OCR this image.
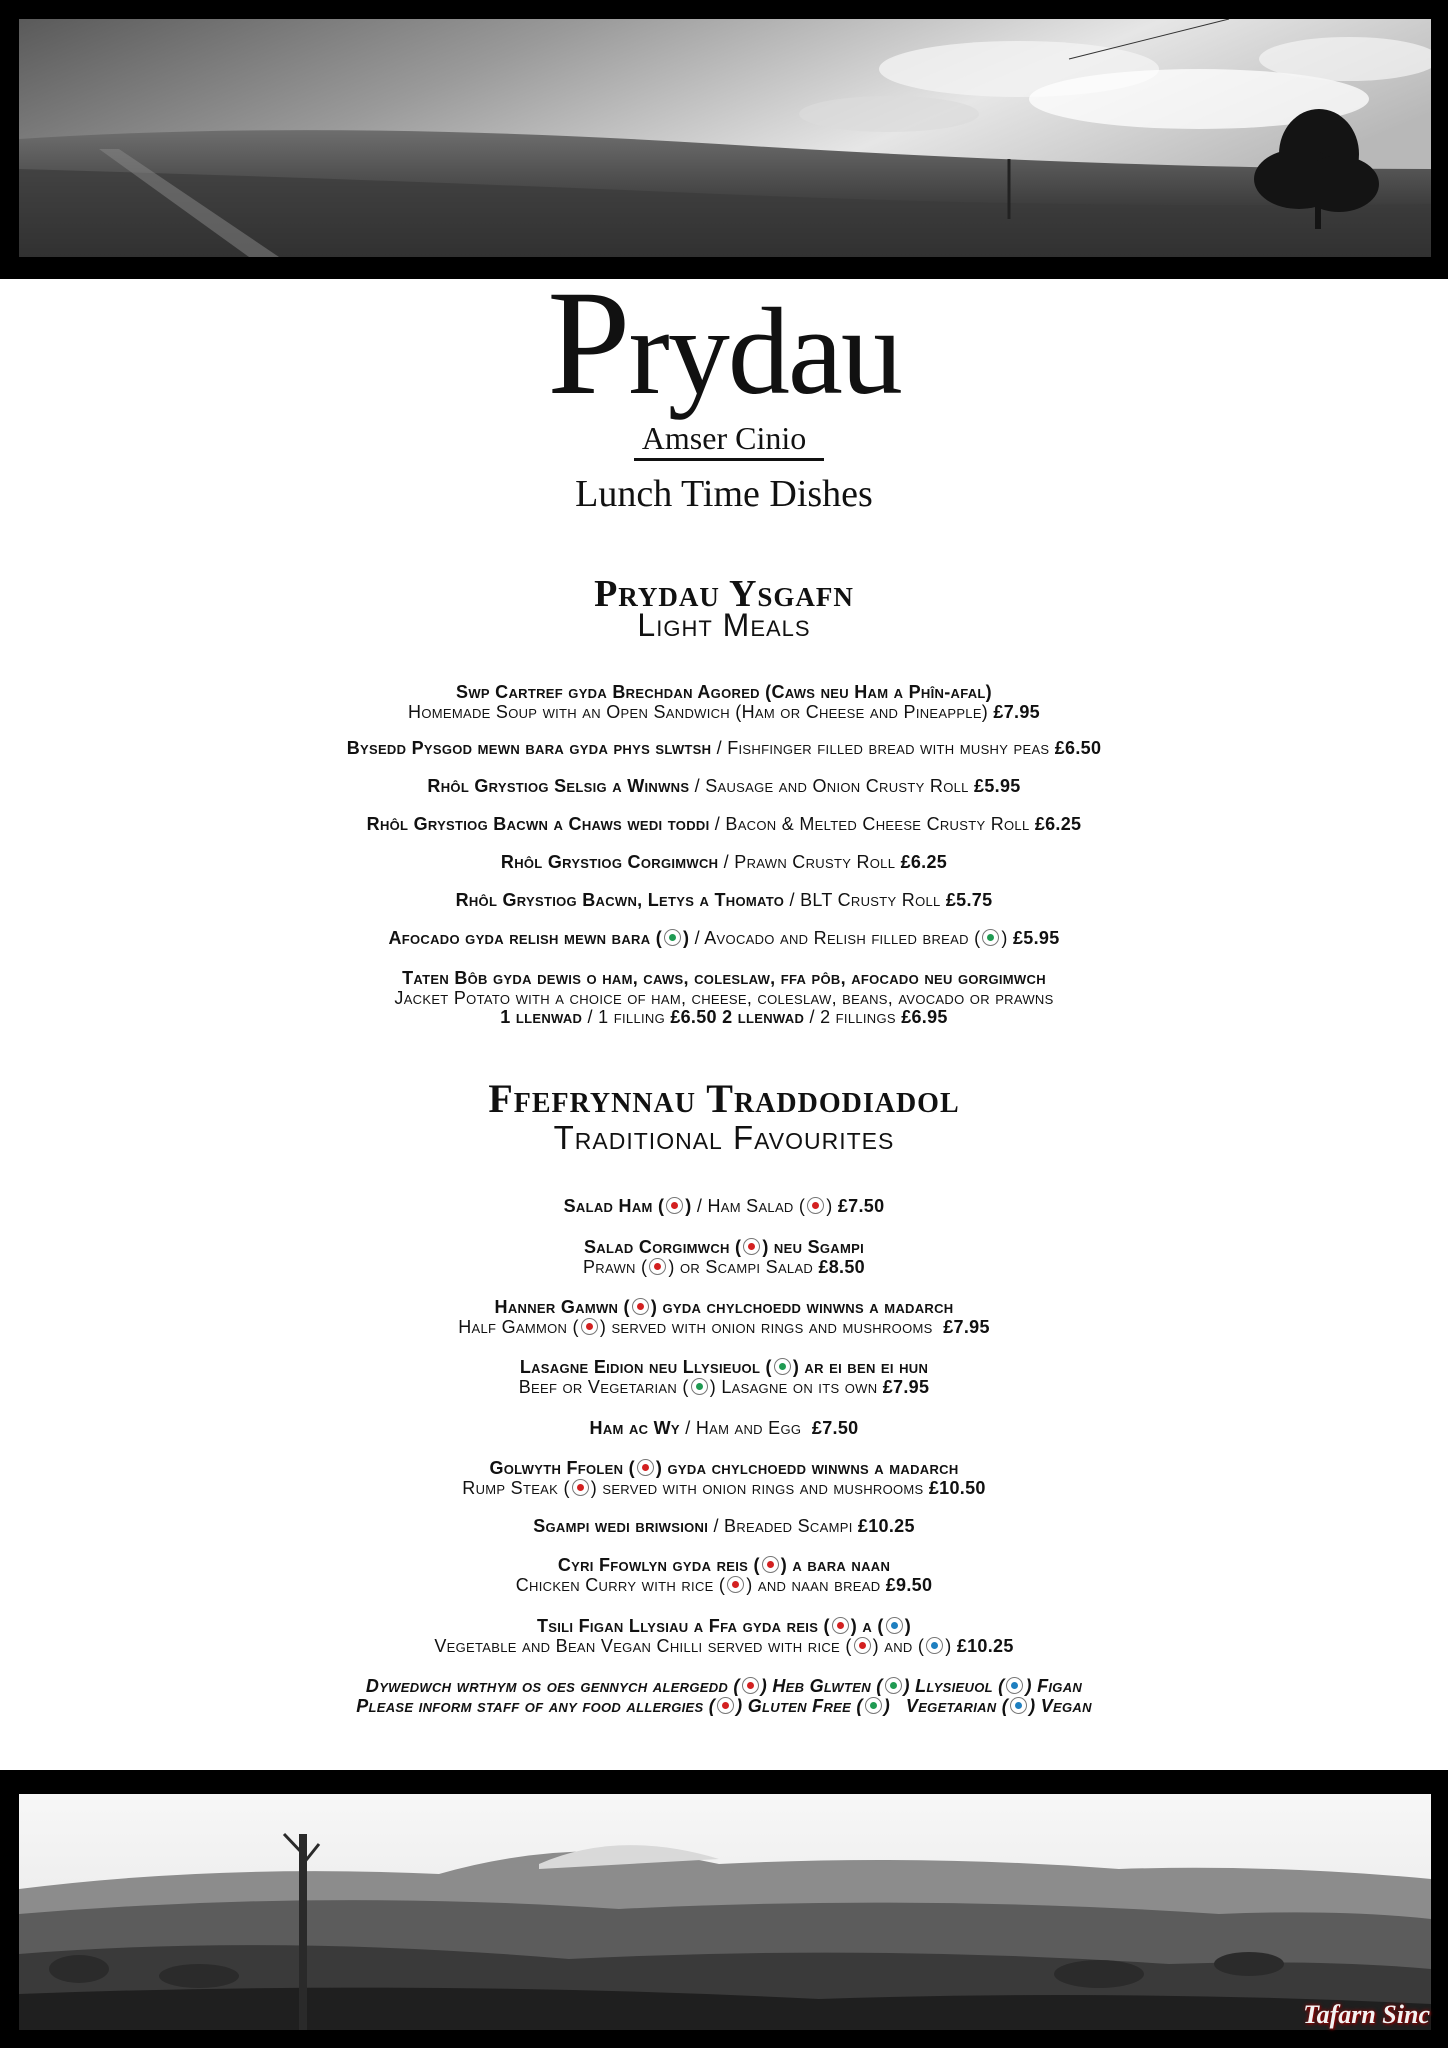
Prydau
Amser Cinio
Lunch Time Dishes
Prydau Ysgafn
Light Meals
Swp Cartref gyda Brechdan Agored (Caws neu Ham a Phîn-afal)
Homemade Soup with an Open Sandwich (Ham or Cheese and Pineapple) £7.95
Bysedd Pysgod mewn bara gyda phys slwtsh / Fishfinger filled bread with mushy peas £6.50
Rhôl Grystiog Selsig a Winwns / Sausage and Onion Crusty Roll £5.95
Rhôl Grystiog Bacwn a Chaws wedi toddi / Bacon & Melted Cheese Crusty Roll £6.25
Rhôl Grystiog Corgimwch / Prawn Crusty Roll £6.25
Rhôl Grystiog Bacwn, Letys a Thomato / BLT Crusty Roll £5.75
Afocado gyda relish mewn bara ( ) / Avocado and Relish filled bread ( ) £5.95
Taten Bôb gyda dewis o ham, caws, coleslaw, ffa pôb, afocado neu gorgimwch
Jacket Potato with a choice of ham, cheese, coleslaw, beans, avocado or prawns
1 llenwad / 1 filling £6.50 2 llenwad / 2 fillings £6.95
Ffefrynnau Traddodiadol
Traditional Favourites
Salad Ham ( ) / Ham Salad ( ) £7.50
Salad Corgimwch ( ) neu Sgampi
Prawn ( ) or Scampi Salad £8.50
Hanner Gamwn ( ) gyda chylchoedd winwns a madarch
Half Gammon ( ) served with onion rings and mushrooms £7.95
Lasagne Eidion neu Llysieuol ( ) ar ei ben ei hun
Beef or Vegetarian ( ) Lasagne on its own £7.95
Ham ac Wy / Ham and Egg £7.50
Golwyth Ffolen ( ) gyda chylchoedd winwns a madarch
Rump Steak ( ) served with onion rings and mushrooms £10.50
Sgampi wedi briwsioni / Breaded Scampi £10.25
Cyri Ffowlyn gyda reis ( ) a bara naan
Chicken Curry with rice ( ) and naan bread £9.50
Tsili Figan Llysiau a Ffa gyda reis ( ) a ( )
Vegetable and Bean Vegan Chilli served with rice ( ) and ( ) £10.25
Dywedwch wrthym os oes gennych alergedd ( ) Heb Glwten ( ) Llysieuol ( ) Figan
Please inform staff of any food allergies ( ) Gluten Free ( )   Vegetarian ( ) Vegan
Tafarn Sinc
